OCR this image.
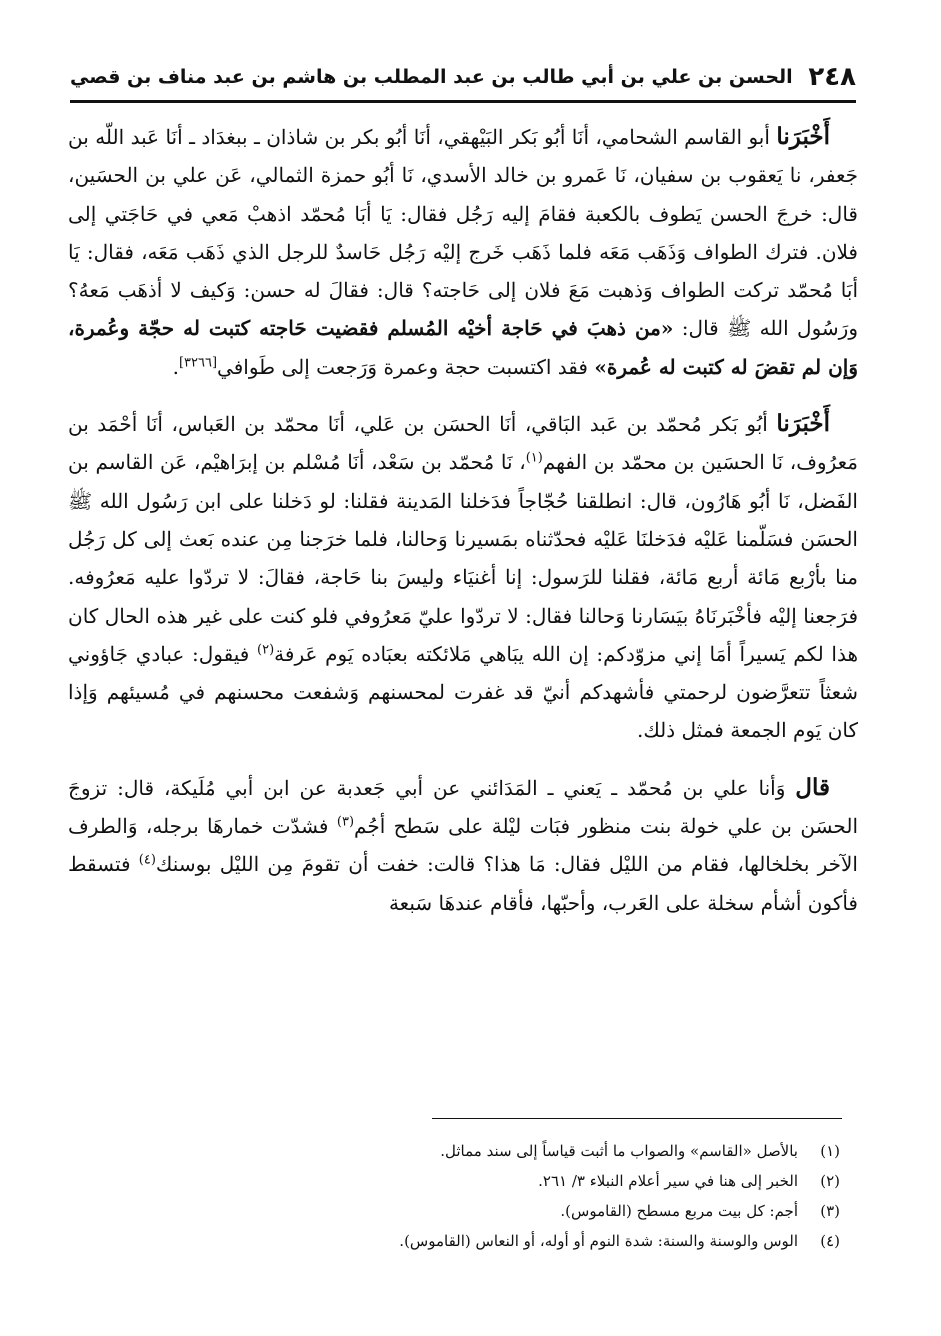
٢٤٨
الحسن بن علي بن أبي طالب بن عبد المطلب بن هاشم بن عبد مناف بن قصي

أَخْبَرَنا أبو القاسم الشحامي، أنَا أبُو بَكر البَيْهقي، أنَا أبُو بكر بن شاذان ـ ببغدَاد ـ أنَا عَبد اللّه بن جَعفر، نا يَعقوب بن سفيان، نَا عَمرو بن خالد الأسدي، نَا أبُو حمزة الثمالي، عَن علي بن الحسَين، قال: خرجَ الحسن يَطوف بالكعبة فقامَ إليه رَجُل فقال: يَا أبَا مُحمّد اذهبْ مَعي في حَاجَتي إلى فلان. فترك الطواف وَذَهَب مَعَه فلما ذَهَب خَرج إليْه رَجُل حَاسدٌ للرجل الذي ذَهَب مَعَه، فقال: يَا أبَا مُحمّد تركت الطواف وَذهبت مَعَ فلان إلى حَاجته؟ قال: فقالَ له حسن: وَكيف لا أذهَب مَعهُ؟ ورَسُول الله ﷺ قال: «من ذهبَ في حَاجة أخيْه المُسلم فقضيت حَاجته كتبت له حجّة وعُمرة، وَإن لم تقضَ له كتبت له عُمرة» فقد اكتسبت حجة وعمرة وَرَجعت إلى طَوافي[٣٢٦٦].

أَخْبَرَنا أبُو بَكر مُحمّد بن عَبد البَاقي، أنَا الحسَن بن عَلي، أنَا محمّد بن العَباس، أنَا أحْمَد بن مَعرُوف، نَا الحسَين بن محمّد بن الفهم$^{(١)}$، نَا مُحمّد بن سَعْد، أنَا مُسْلم بن إبرَاهيْم، عَن القاسم بن الفَضل، نَا أبُو هَارُون، قال: انطلقنا حُجّاجاً فدَخلنا المَدينة فقلنا: لو دَخلنا على ابن رَسُول الله ﷺ الحسَن فسَلّمنا عَليْه فدَخلنَا عَليْه فحدّثناه بمَسيرنا وَحالنا، فلما خرَجنا مِن عنده بَعث إلى كل رَجُل منا بأرْبع مَائة أربع مَائة، فقلنا للرَسول: إنا أغنيَاء وليسَ بنا حَاجة، فقالَ: لا تردّوا عليه مَعرُوفه. فرَجعنا إليْه فأخْبَرنَاهُ بيَسَارنا وَحالنا فقال: لا تردّوا عليّ مَعرُوفي فلو كنت على غير هذه الحال كان هذا لكم يَسيراً أمَا إني مزوّدكم: إن الله يبَاهي مَلائكته بعبَاده يَوم عَرفة$^{(٢)}$ فيقول: عبادي جَاؤوني شعثاً تتعرَّضون لرحمتي فأشهدكم أنيّ قد غفرت لمحسنهم وَشفعت محسنهم في مُسيئهم وَإذا كان يَوم الجمعة فمثل ذلك.

قال وَأنا علي بن مُحمّد ـ يَعني ـ المَدَائني عن أبي جَعدبة عن ابن أبي مُلَيكة، قال: تزوجَ الحسَن بن علي خولة بنت منظور فبَات ليْلة على سَطح أجُم$^{(٣)}$ فشدّت خمارهَا برجله، وَالطرف الآخر بخلخالها، فقام من الليْل فقال: مَا هذا؟ قالت: خفت أن تقومَ مِن الليْل بوسنك$^{(٤)}$ فتسقط فأكون أشأم سخلة على العَرب، وأحبّها، فأقام عندهَا سَبعة

(١)
بالأصل «القاسم» والصواب ما أثبت قياساً إلى سند مماثل.
(٢)
الخبر إلى هنا في سير أعلام النبلاء ٣/ ٢٦١.
(٣)
أجم: كل بيت مربع مسطح (القاموس).
(٤)
الوس والوسنة والسنة: شدة النوم أو أوله، أو النعاس (القاموس).
